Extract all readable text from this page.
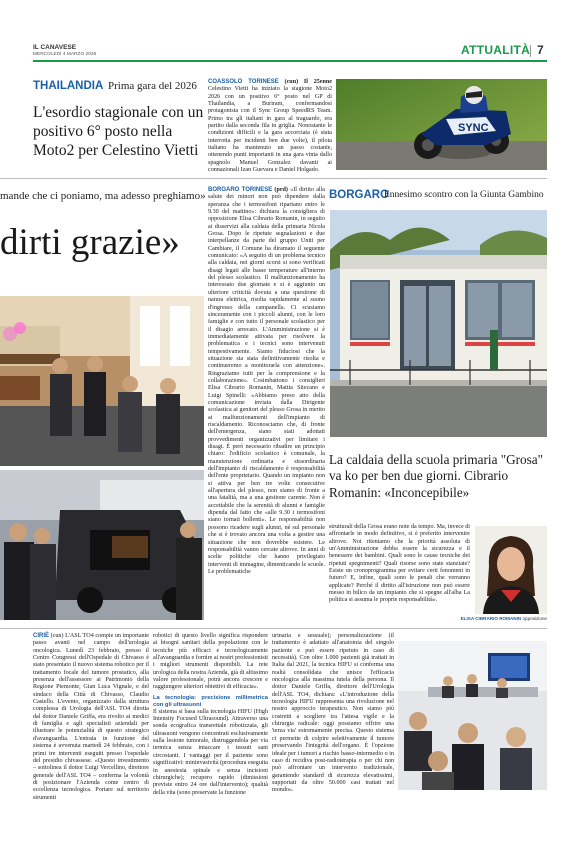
IL CANAVESE
MERCOLEDÌ 4 MARZO 2026	ATTUALITÀ 7
THAILANDIA Prima gara del 2026
L'esordio stagionale con un positivo 6° posto nella Moto2 per Celestino Vietti
COASSOLO TORINESE (cun) Il 25enne Celestino Vietti ha iniziato la stagione Moto2 2026 con un positivo 6° posto nel GP di Thailandia, a Buriram, confermandosi protagonista con il Sync Group SpeedRS Team. Primo tra gli italiani in gara al traguardo, era partito dalla seconda fila in griglia. Nonostante le condizioni difficili e la gara accorciata (è stata interrotta per incidenti ben due volte), il pilota italiano ha mantenuto un passo costante, ottenendo punti importanti in una gara vinta dallo spagnolo Manuel Gonzalez davanti ai connazionali Izan Guevara e Daniel Holgado.
SYNC
mande che ci poniamo, ma adesso preghiamo»
dirti grazie»
BORGARO TORINESE (prd) «Il diritto alla salute dei minori non può dipendere dalla speranza che i termosifoni ripartano entro le 9.30 del mattino»: dichiara la consigliera di opposizione Elisa Cibrario Romanin, in seguito ai disservizi alla caldaia della primaria Nicola Grosa. Dopo le ripetute segnalazioni e due interpellanze da parte del gruppo Uniti per Cambiare, il Comune ha diramato il seguente comunicato: «A seguito di un problema tecnico alla caldaia, nei giorni scorsi si sono verificati disagi legati alle basse temperature all'interno del plesso scolastico. Il malfunzionamento ha interessato due giornate e si è aggiunto un ulteriore criticità dovuta a una questione di natura elettrica, risolta rapidamente al suono d'ingresso della campanella. Ci scusiamo sinceramente con i piccoli alunni, con le loro famiglie e con tutto il personale scolastico per il disagio arrecato. L'Amministrazione si è immediatamente attivata per risolvere la problematica e i tecnici sono intervenuti tempestivamente. Siamo fiduciosi che la situazione sia stata definitivamente risolta e continueremo a monitorarla con attenzione». Ringraziamo tutti per la comprensione e la collaborazione». Cosimbattono i consiglieri Elisa Cibrario Romanin, Mattia Sitecano e Luigi Spinelli: «Abbiamo preso atto della comunicazione inviata dalla Dirigente scolastica ai genitori del plesso Grosa in merito ai malfunzionamenti dell'impianto di riscaldamento. Riconosciamo che, di fronte dell'emergenza, siano stati adottati provvedimenti organizzativi per limitare i disagi. È però necessario ribadire un principio chiaro: l'edificio scolastico è comunale, la manutenzione ordinaria e straordinaria dell'impianto di riscaldamento è responsabilità dell'ente proprietario. Quando un impianto non si attiva per ben tre volte consecutive all'apertura del plesso, non siamo di fronte a una fatalità, ma a una gestione carente. Non è accettabile che la serenità di alunni e famiglie dipenda dal fatto che «alle 9.30 i termosifoni siano tornati bollenti». Le responsabilità non possono ricadere sugli alunni, né sul personale che si è trovato ancora una volta a gestire una situazione che non dovrebbe esistere. Le responsabilità vanno cercate altrove. In anni di scelte politiche che hanno privilegiato interventi di immagine, dimenticando le scuole. Le problematiche
BORGARO
Ennesimo scontro con la Giunta Gambino
La caldaia della scuola primaria "Grosa" va ko per ben due giorni. Cibrario Romanin: «Inconcepibile»
strutturali della Grosa erano note da tempo. Ma, invece di affrontarle in modo definitivo, si è preferito intervenire altrove. Noi riteniamo che la priorità assoluta di un'Amministrazione debba essere la sicurezza e il benessere dei bambini. Quali sono le cause tecniche dei ripetuti spegnimenti? Quali risorse sono state stanziate? Esiste un cronoprogramma per evitare certi fenomeni in futuro? E, infine, quali sono le penali che verranno applicate? Perché il diritto all'istruzione non può essere messo in bilico da un impianto che si spegne all'alba La politica si assuma le proprie responsabilità».
ELISA CIBRARIO ROMANIN opposizione
CIRIÈ (cun) L'ASL TO4 compie un importante passo avanti nel campo dell'urologia oncologica. Lunedì 23 febbraio, presso il Centro Congressi dell'Ospedale di Chivasso è stato presentato il nuovo sistema robotico per il trattamento focale del tumore prostatico, alla presenza dell'assessore ai Patrimonio della Regione Piemonte, Gian Luca Vignale, e del sindaco della Città di Chivasso, Claudio Castello. L'evento, organizzato dalla struttura complessa di Urologia dell'ASL TO4 diretta dal dottor Daniele Griffa, era rivolto ai medici di famiglia e agli specialisti aziendali per illustrare le potenzialità di questo strategico d'avanguardia. L'entrata in funzione del sistema è avvenuta martedì 24 febbraio, con i primi tre interventi eseguiti presso l'ospedale del presidio chivassese. «Questo investimento – sottolinea il dottor Luigi Vercellino, direttore generale dell'ASL TO4 – conferma la volontà di posizionare l'Azienda come centro di eccellenza tecnologica. Portare sul territorio strumenti
robotici di questo livello significa rispondere ai bisogni sanitari della popolazione con le tecniche più efficaci e tecnologicamente all'avanguardia e fornire ai nostri professionisti i migliori strumenti disponibili. La rete urologica della nostra Azienda, già di altissimo valore professionale, potrà ancora crescere e raggiungere ulteriori obiettivi di efficacia».
La tecnologia: precisione millimetrica con gli ultrasuoni
Il sistema si basa sulla tecnologia HIFU (High Intensity Focused Ultrasound). Attraverso una sonda ecografica transrettale robotizzata, gli ultrasuoni vengono concentrati esclusivamente sulla lesione tumorale, distruggendola per via termica senza intaccare i tessuti sani circostanti. I vantaggi per il paziente sono significativi: mininvasività (procedura eseguita in anestesia spinale e senza incisioni chirurgiche); recupero rapido (dimissioni previste entro 24 ore dall'intervento); qualità della vita (sono preservate la funzione
urinaria e sessuale); personalizzazione (il trattamento è adattato all'anatomia del singolo paziente e può essere ripetuto in caso di necessità). Con oltre 1.000 pazienti già trattati in Italia dal 2021, la tecnica HIFU si conferma una realtà consolidata che unisce l'efficacia oncologica alla massima tutela della persona. Il dottor Daniele Griffa, direttore dell'Urologia dell'ASL TO4, dichiara: «L'introduzione della tecnologia HIFU rappresenta una rivoluzione nel nostro approccio terapeutico. Non siamo più costretti a scegliere tra l'attesa vigile e la chirurgia radicale: oggi possiamo offrire una 'terza via' estremamente precisa. Questo sistema ci permette di colpire selettivamente il tumore preservando l'integrità dell'organo. È l'opzione ideale per i tumori a rischio basso-intermedio o in caso di recidiva post-radioterapia o per chi non può affrontare un intervento tradizionale, garantendo standard di sicurezza elevatissimi, supportati da oltre 50.000 casi trattati nel mondo».
